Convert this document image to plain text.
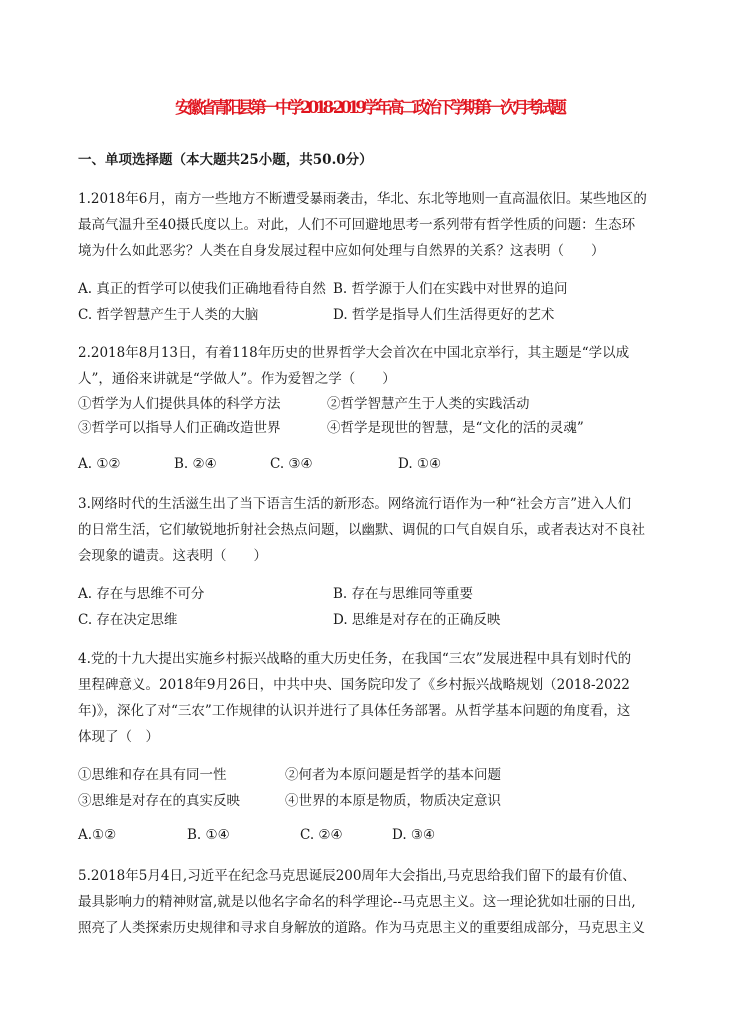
安徽省青阳县第一中学2018-2019学年高二政治下学期第一次月考试题
一、单项选择题（本大题共25小题，共50.0分）
1.2018年6月，南方一些地方不断遭受暴雨袭击，华北、东北等地则一直高温依旧。某些地区的
最高气温升至40摄氏度以上。对此，人们不可回避地思考一系列带有哲学性质的问题：生态环
境为什么如此恶劣？人类在自身发展过程中应如何处理与自然界的关系？这表明（　　）
A. 真正的哲学可以使我们正确地看待自然 B. 哲学源于人们在实践中对世界的追问
C. 哲学智慧产生于人类的大脑	D. 哲学是指导人们生活得更好的艺术
2.2018年8月13日，有着118年历史的世界哲学大会首次在中国北京举行，其主题是“学以成
人”，通俗来讲就是“学做人”。作为爱智之学（　　）
①哲学为人们提供具体的科学方法	②哲学智慧产生于人类的实践活动
③哲学可以指导人们正确改造世界	④哲学是现世的智慧，是“文化的活的灵魂”
A. ①②	B. ②④	C. ③④	D. ①④
3.网络时代的生活滋生出了当下语言生活的新形态。网络流行语作为一种“社会方言”进入人们
的日常生活，它们敏锐地折射社会热点问题，以幽默、调侃的口气自娱自乐，或者表达对不良社
会现象的谴责。这表明（　　）
A. 存在与思维不可分	B. 存在与思维同等重要
C. 存在决定思维	D. 思维是对存在的正确反映
4.党的十九大提出实施乡村振兴战略的重大历史任务，在我国“三农”发展进程中具有划时代的
里程碑意义。2018年9月26日，中共中央、国务院印发了《乡村振兴战略规划（2018-2022
年)》，深化了对“三农”工作规律的认识并进行了具体任务部署。从哲学基本问题的角度看，这
体现了（　）
①思维和存在具有同一性	②何者为本原问题是哲学的基本问题
③思维是对存在的真实反映	④世界的本原是物质，物质决定意识
A.①②	B. ①④	C. ②④	D. ③④
5.2018年5月4日,习近平在纪念马克思诞辰200周年大会指出,马克思给我们留下的最有价值、
最具影响力的精神财富,就是以他名字命名的科学理论--马克思主义。这一理论犹如壮丽的日出,
照亮了人类探索历史规律和寻求自身解放的道路。作为马克思主义的重要组成部分，马克思主义
